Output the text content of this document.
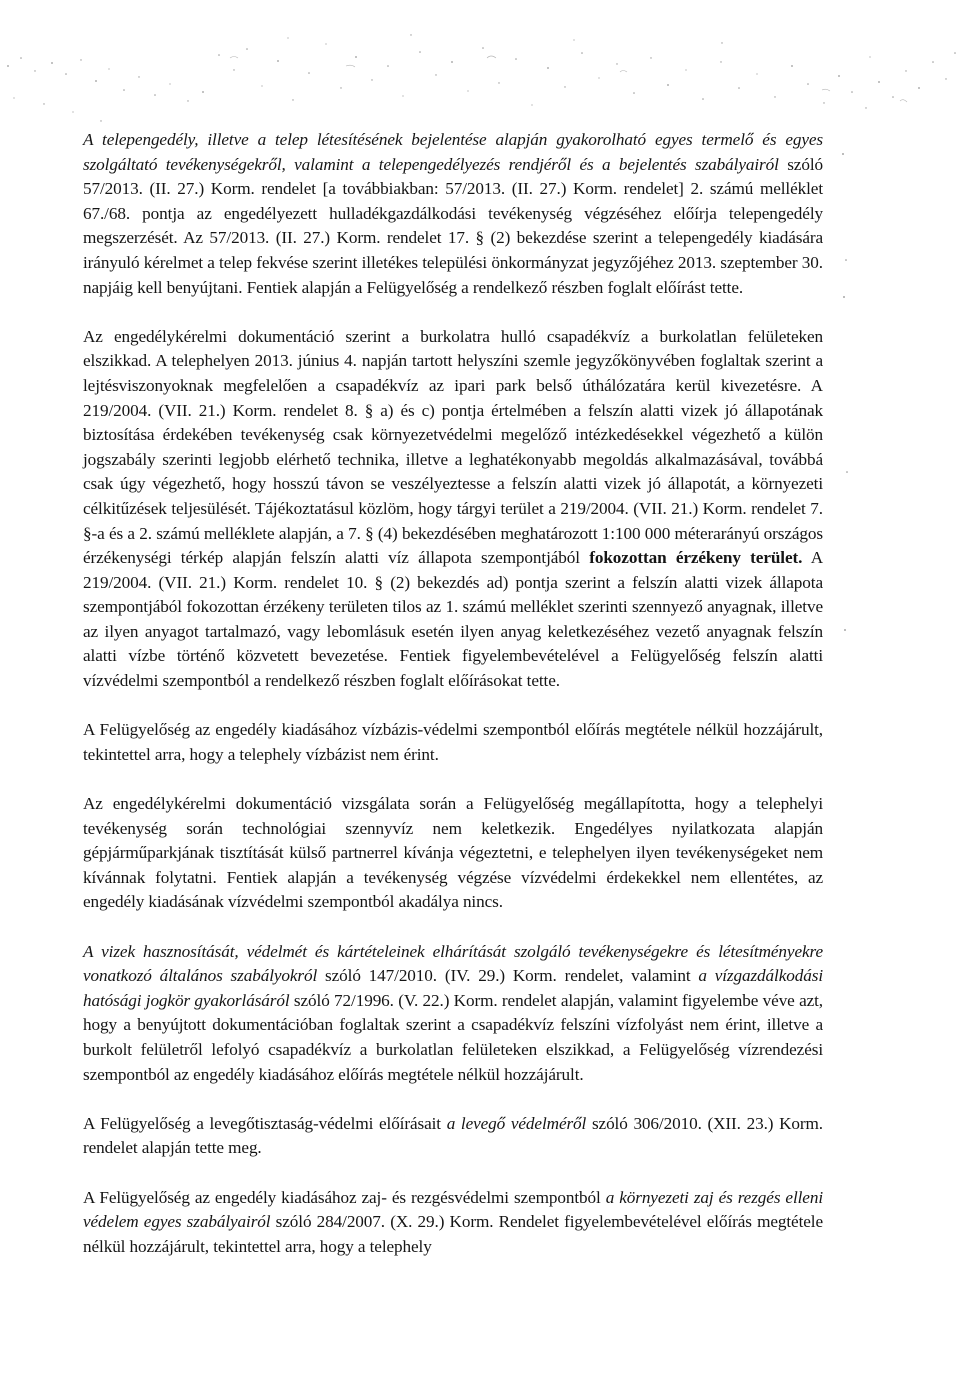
A telepengedély, illetve a telep létesítésének bejelentése alapján gyakorolható egyes termelő és egyes szolgáltató tevékenységekről, valamint a telepengedélyezés rendjéről és a bejelentés szabályairól szóló 57/2013. (II. 27.) Korm. rendelet [a továbbiakban: 57/2013. (II. 27.) Korm. rendelet] 2. számú melléklet 67./68. pontja az engedélyezett hulladékgazdálkodási tevékenység végzéséhez előírja telepengedély megszerzését. Az 57/2013. (II. 27.) Korm. rendelet 17. § (2) bekezdése szerint a telepengedély kiadására irányuló kérelmet a telep fekvése szerint illetékes települési önkormányzat jegyzőjéhez 2013. szeptember 30. napjáig kell benyújtani. Fentiek alapján a Felügyelőség a rendelkező részben foglalt előírást tette.

Az engedélykérelmi dokumentáció szerint a burkolatra hulló csapadékvíz a burkolatlan felületeken elszikkad. A telephelyen 2013. június 4. napján tartott helyszíni szemle jegyzőkönyvében foglaltak szerint a lejtésviszonyoknak megfelelően a csapadékvíz az ipari park belső úthálózatára kerül kivezetésre. A 219/2004. (VII. 21.) Korm. rendelet 8. § a) és c) pontja értelmében a felszín alatti vizek jó állapotának biztosítása érdekében tevékenység csak környezetvédelmi megelőző intézkedésekkel végezhető a külön jogszabály szerinti legjobb elérhető technika, illetve a leghatékonyabb megoldás alkalmazásával, továbbá csak úgy végezhető, hogy hosszú távon se veszélyeztesse a felszín alatti vizek jó állapotát, a környezeti célkitűzések teljesülését. Tájékoztatásul közlöm, hogy tárgyi terület a 219/2004. (VII. 21.) Korm. rendelet 7. §-a és a 2. számú melléklete alapján, a 7. § (4) bekezdésében meghatározott 1:100 000 méterarányú országos érzékenységi térkép alapján felszín alatti víz állapota szempontjából fokozottan érzékeny terület. A 219/2004. (VII. 21.) Korm. rendelet 10. § (2) bekezdés ad) pontja szerint a felszín alatti vizek állapota szempontjából fokozottan érzékeny területen tilos az 1. számú melléklet szerinti szennyező anyagnak, illetve az ilyen anyagot tartalmazó, vagy lebomlásuk esetén ilyen anyag keletkezéséhez vezető anyagnak felszín alatti vízbe történő közvetett bevezetése. Fentiek figyelembevételével a Felügyelőség felszín alatti vízvédelmi szempontból a rendelkező részben foglalt előírásokat tette.

A Felügyelőség az engedély kiadásához vízbázis-védelmi szempontból előírás megtétele nélkül hozzájárult, tekintettel arra, hogy a telephely vízbázist nem érint.

Az engedélykérelmi dokumentáció vizsgálata során a Felügyelőség megállapította, hogy a telephelyi tevékenység során technológiai szennyvíz nem keletkezik. Engedélyes nyilatkozata alapján gépjárműparkjának tisztítását külső partnerrel kívánja végeztetni, e telephelyen ilyen tevékenységeket nem kívánnak folytatni. Fentiek alapján a tevékenység végzése vízvédelmi érdekekkel nem ellentétes, az engedély kiadásának vízvédelmi szempontból akadálya nincs.

A vizek hasznosítását, védelmét és kártételeinek elhárítását szolgáló tevékenységekre és létesítményekre vonatkozó általános szabályokról szóló 147/2010. (IV. 29.) Korm. rendelet, valamint a vízgazdálkodási hatósági jogkör gyakorlásáról szóló 72/1996. (V. 22.) Korm. rendelet alapján, valamint figyelembe véve azt, hogy a benyújtott dokumentációban foglaltak szerint a csapadékvíz felszíni vízfolyást nem érint, illetve a burkolt felületről lefolyó csapadékvíz a burkolatlan felületeken elszikkad, a Felügyelőség vízrendezési szempontból az engedély kiadásához előírás megtétele nélkül hozzájárult.

A Felügyelőség a levegőtisztaság-védelmi előírásait a levegő védelméről szóló 306/2010. (XII. 23.) Korm. rendelet alapján tette meg.

A Felügyelőség az engedély kiadásához zaj- és rezgésvédelmi szempontból a környezeti zaj és rezgés elleni védelem egyes szabályairól szóló 284/2007. (X. 29.) Korm. Rendelet figyelembevételével előírás megtétele nélkül hozzájárult, tekintettel arra, hogy a telephely
